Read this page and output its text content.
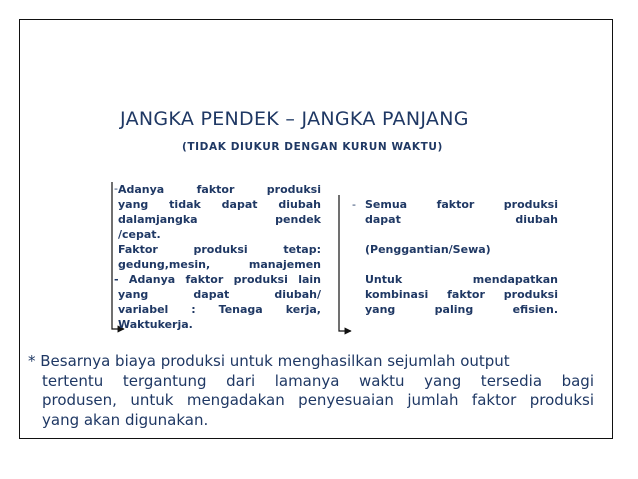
JANGKA PENDEK – JANGKA PANJANG
(TIDAK DIUKUR DENGAN KURUN WAKTU)
- Adanya faktor produksi
yang tidak dapat diubah
dalamjangka pendek
/cepat.
Faktor produksi tetap:
gedung,mesin, manajemen
- Adanya faktor produksi lain
yang dapat diubah/
variabel : Tenaga kerja,
Waktukerja.
- Semua faktor produksi
dapat diubah
(Penggantian/Sewa)
Untuk mendapatkan
kombinasi faktor produksi
yang paling efisien.
* Besarnya biaya produksi untuk menghasilkan sejumlah output
tertentu tergantung dari lamanya waktu yang tersedia bagi
produsen, untuk mengadakan penyesuaian jumlah faktor produksi
yang akan digunakan.
